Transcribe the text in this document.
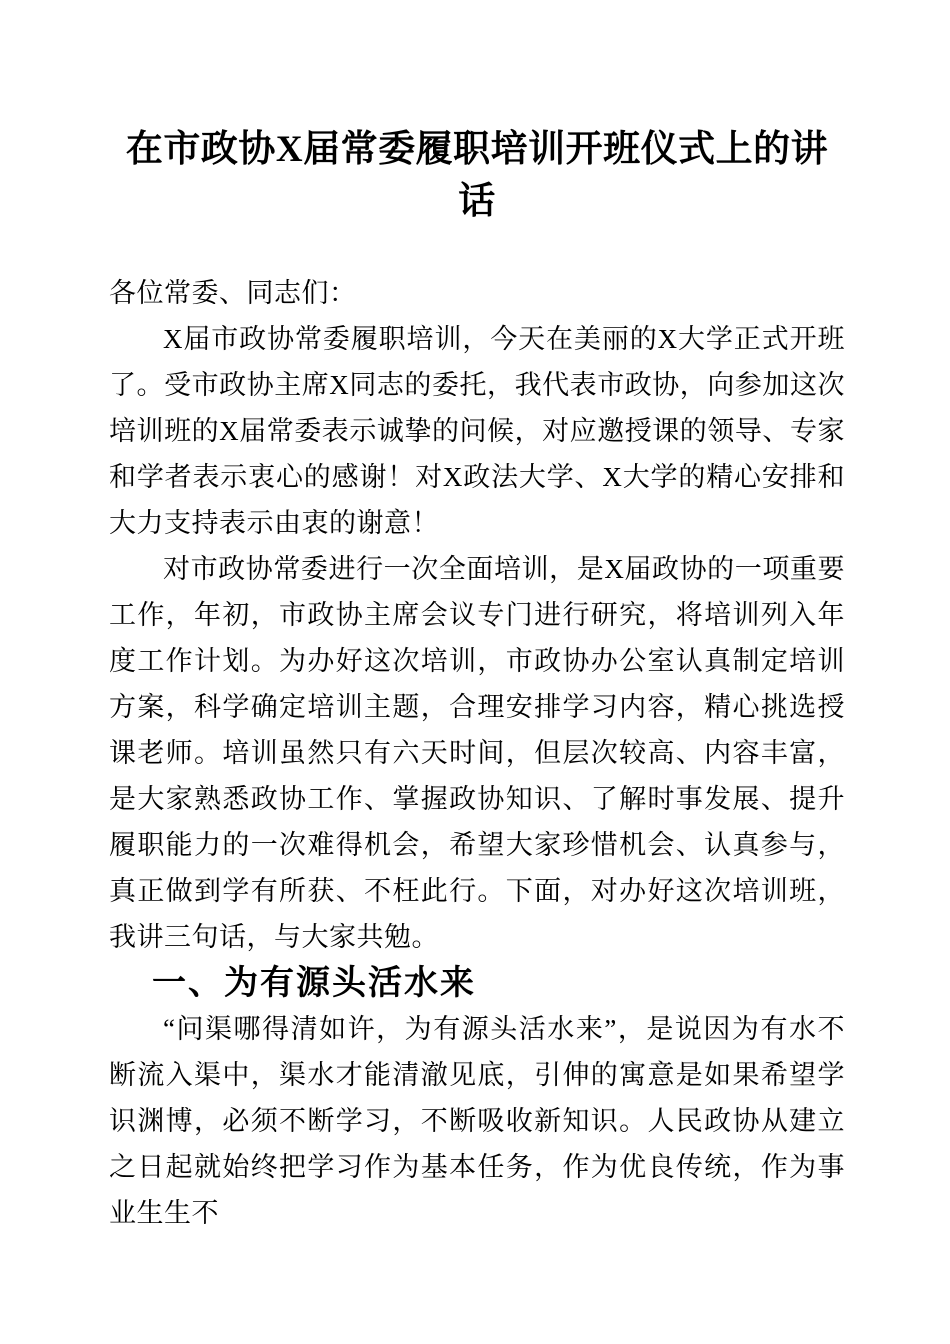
在市政协X届常委履职培训开班仪式上的讲话

各位常委、同志们：

X届市政协常委履职培训，今天在美丽的X大学正式开班了。受市政协主席X同志的委托，我代表市政协，向参加这次培训班的X届常委表示诚挚的问候，对应邀授课的领导、专家和学者表示衷心的感谢！对X政法大学、X大学的精心安排和大力支持表示由衷的谢意！

对市政协常委进行一次全面培训，是X届政协的一项重要工作，年初，市政协主席会议专门进行研究，将培训列入年度工作计划。为办好这次培训，市政协办公室认真制定培训方案，科学确定培训主题，合理安排学习内容，精心挑选授课老师。培训虽然只有六天时间，但层次较高、内容丰富，是大家熟悉政协工作、掌握政协知识、了解时事发展、提升履职能力的一次难得机会，希望大家珍惜机会、认真参与，真正做到学有所获、不枉此行。下面，对办好这次培训班，我讲三句话，与大家共勉。

一、为有源头活水来

“问渠哪得清如许，为有源头活水来”，是说因为有水不断流入渠中，渠水才能清澈见底，引伸的寓意是如果希望学识渊博，必须不断学习，不断吸收新知识。人民政协从建立之日起就始终把学习作为基本任务，作为优良传统，作为事业生生不
